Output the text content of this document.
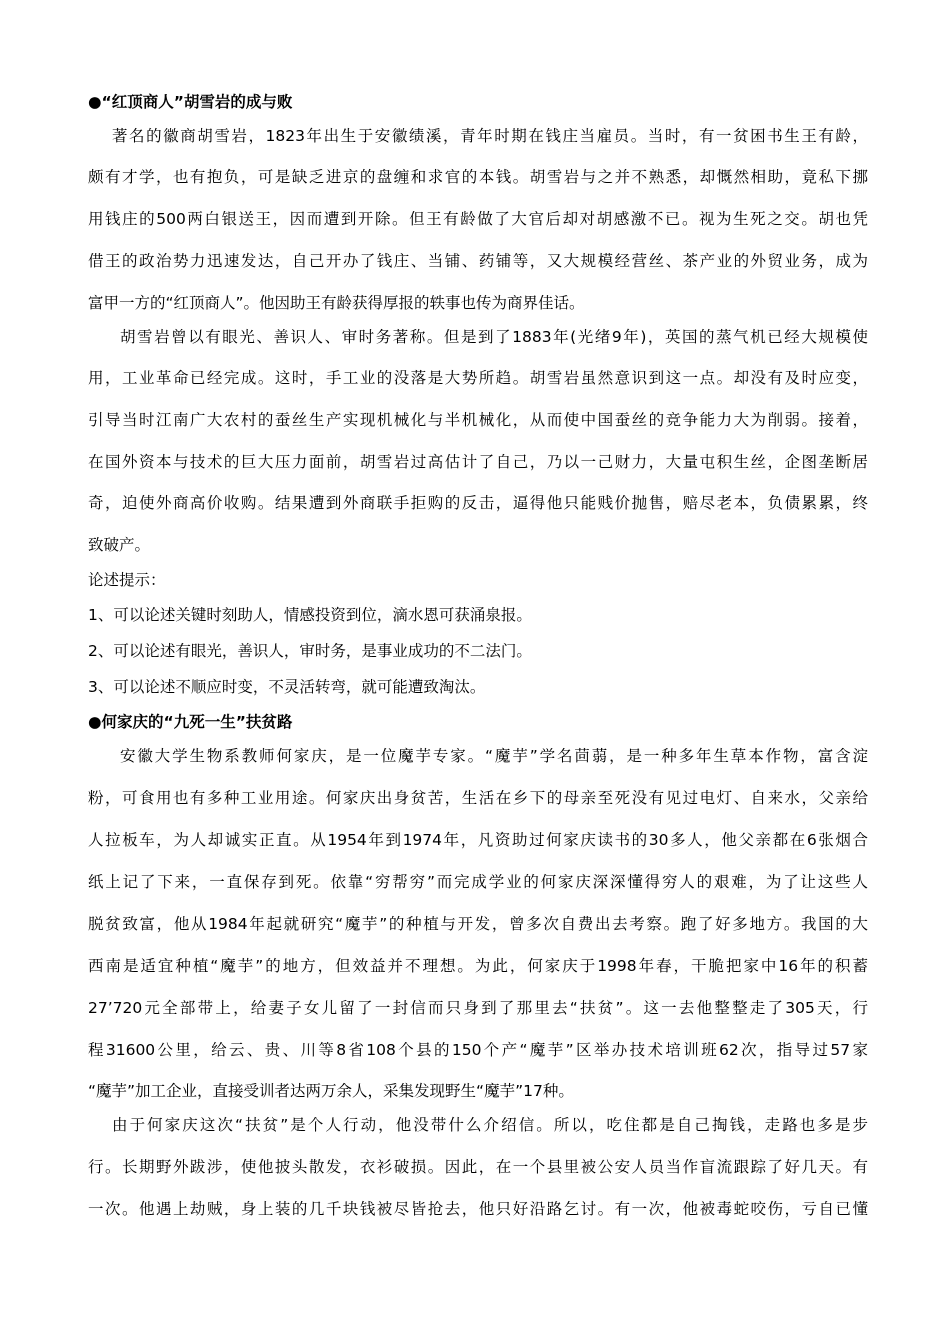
●“红顶商人”胡雪岩的成与败
著名的徽商胡雪岩，1823年出生于安徽绩溪，青年时期在钱庄当雇员。当时，有一贫困书生王有龄，
颇有才学，也有抱负，可是缺乏进京的盘缠和求官的本钱。胡雪岩与之并不熟悉，却慨然相助，竟私下挪
用钱庄的500两白银送王，因而遭到开除。但王有龄做了大官后却对胡感激不已。视为生死之交。胡也凭
借王的政治势力迅速发达，自己开办了钱庄、当铺、药铺等，又大规模经营丝、茶产业的外贸业务，成为
富甲一方的“红顶商人”。他因助王有龄获得厚报的轶事也传为商界佳话。
胡雪岩曾以有眼光、善识人、审时务著称。但是到了1883年(光绪9年)，英国的蒸气机已经大规模使
用，工业革命已经完成。这时，手工业的没落是大势所趋。胡雪岩虽然意识到这一点。却没有及时应变，
引导当时江南广大农村的蚕丝生产实现机械化与半机械化，从而使中国蚕丝的竞争能力大为削弱。接着，
在国外资本与技术的巨大压力面前，胡雪岩过高估计了自己，乃以一己财力，大量屯积生丝，企图垄断居
奇，迫使外商高价收购。结果遭到外商联手拒购的反击，逼得他只能贱价抛售，赔尽老本，负债累累，终
致破产。
论述提示：
1、可以论述关键时刻助人，情感投资到位，滴水恩可获涌泉报。
2、可以论述有眼光，善识人，审时务，是事业成功的不二法门。
3、可以论述不顺应时变，不灵活转弯，就可能遭致淘汰。
●何家庆的“九死一生”扶贫路
安徽大学生物系教师何家庆，是一位魔芋专家。“魔芋”学名茴蒻，是一种多年生草本作物，富含淀
粉，可食用也有多种工业用途。何家庆出身贫苦，生活在乡下的母亲至死没有见过电灯、自来水，父亲给
人拉板车，为人却诚实正直。从1954年到1974年，凡资助过何家庆读书的30多人，他父亲都在6张烟合
纸上记了下来，一直保存到死。依靠“穷帮穷”而完成学业的何家庆深深懂得穷人的艰难，为了让这些人
脱贫致富，他从1984年起就研究“魔芋”的种植与开发，曾多次自费出去考察。跑了好多地方。我国的大
西南是适宜种植“魔芋”的地方，但效益并不理想。为此，何家庆于1998年春，干脆把家中16年的积蓄
27’720元全部带上，给妻子女儿留了一封信而只身到了那里去“扶贫”。这一去他整整走了305天，行
程31600公里，给云、贵、川等8省108个县的150个产“魔芋”区举办技术培训班62次，指导过57家
“魔芋”加工企业，直接受训者达两万余人，采集发现野生“魔芋”17种。
由于何家庆这次“扶贫”是个人行动，他没带什么介绍信。所以，吃住都是自己掏钱，走路也多是步
行。长期野外跋涉，使他披头散发，衣衫破损。因此，在一个县里被公安人员当作盲流跟踪了好几天。有
一次。他遇上劫贼，身上装的几千块钱被尽皆抢去，他只好沿路乞讨。有一次，他被毒蛇咬伤，亏自已懂
